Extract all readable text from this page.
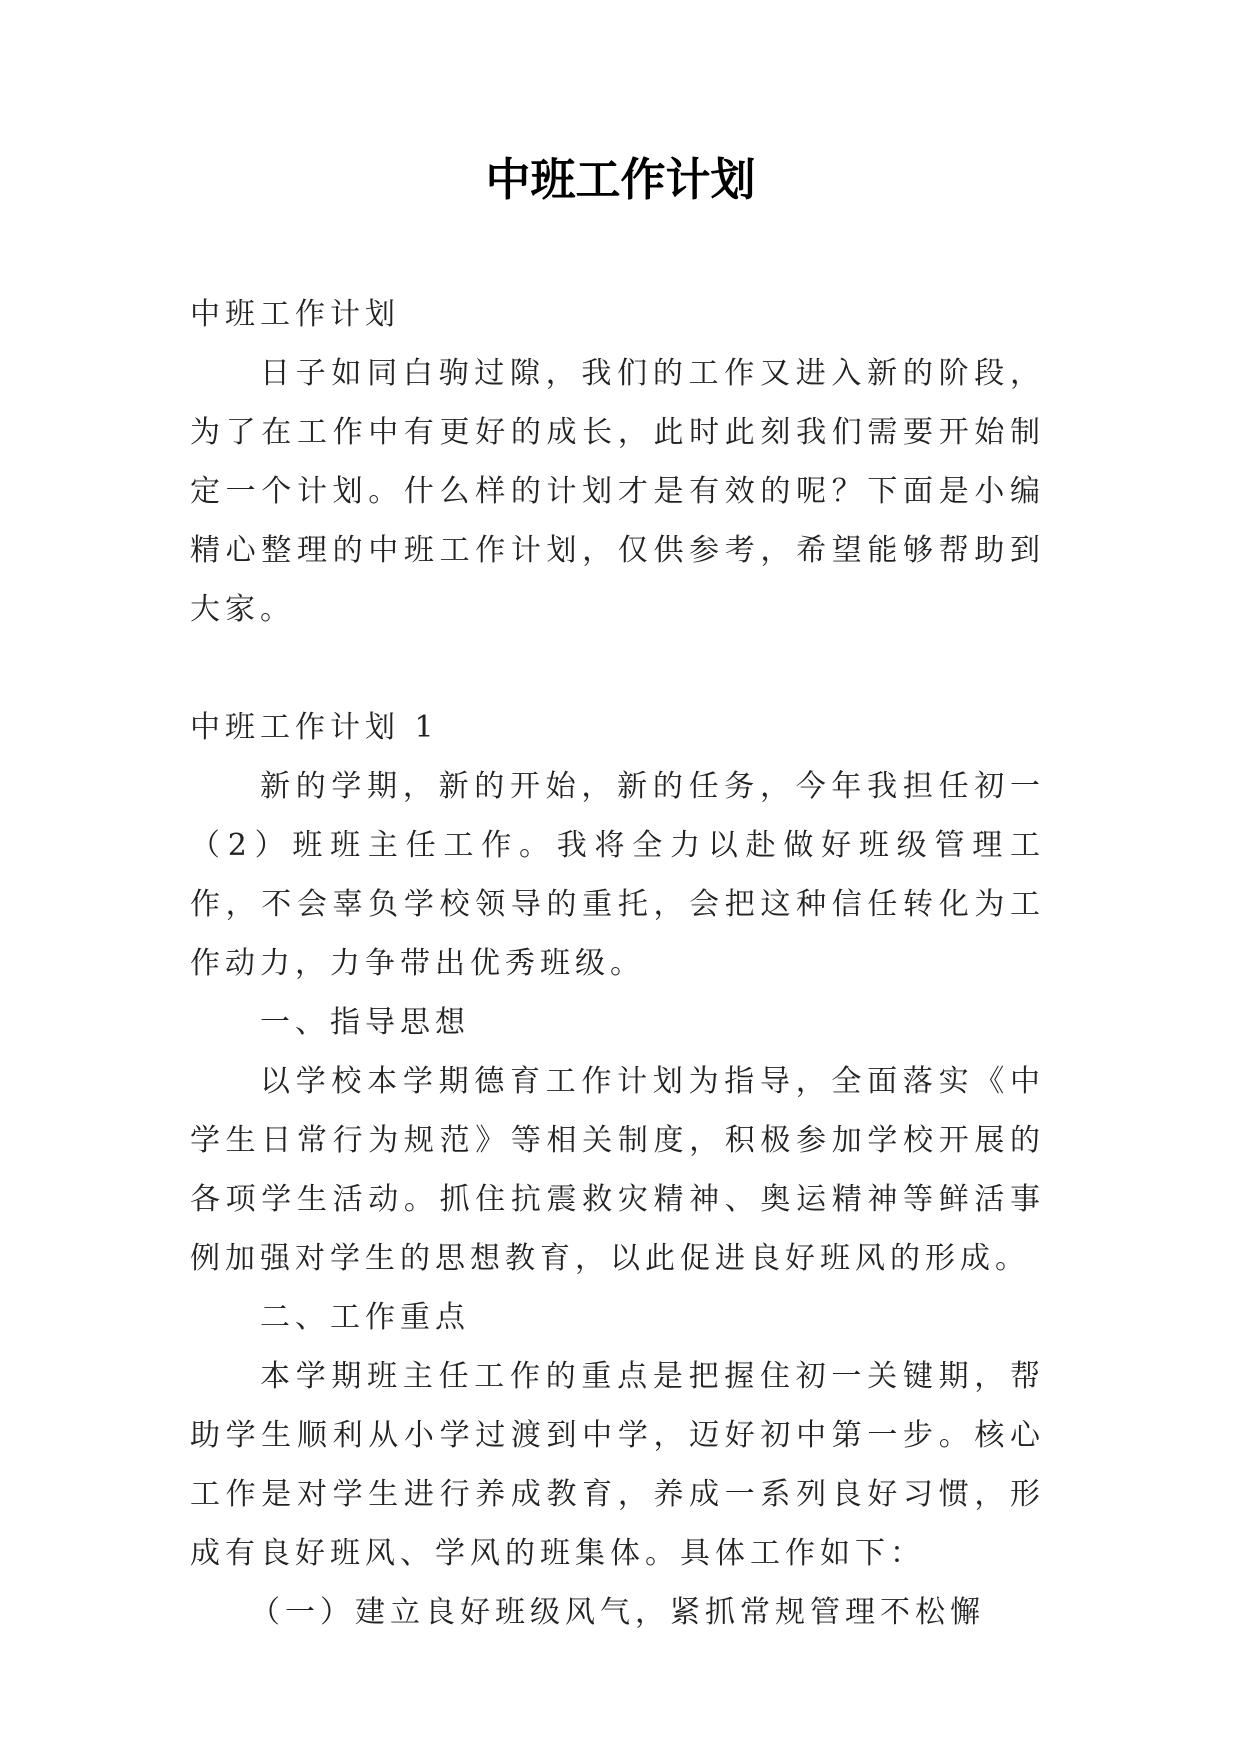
中班工作计划

中班工作计划

日子如同白驹过隙，我们的工作又进入新的阶段，为了在工作中有更好的成长，此时此刻我们需要开始制定一个计划。什么样的计划才是有效的呢？下面是小编精心整理的中班工作计划，仅供参考，希望能够帮助到大家。

中班工作计划 1

新的学期，新的开始，新的任务，今年我担任初一（2）班班主任工作。我将全力以赴做好班级管理工作，不会辜负学校领导的重托，会把这种信任转化为工作动力，力争带出优秀班级。

一、指导思想

以学校本学期德育工作计划为指导，全面落实《中学生日常行为规范》等相关制度，积极参加学校开展的各项学生活动。抓住抗震救灾精神、奥运精神等鲜活事例加强对学生的思想教育，以此促进良好班风的形成。

二、工作重点

本学期班主任工作的重点是把握住初一关键期，帮助学生顺利从小学过渡到中学，迈好初中第一步。核心工作是对学生进行养成教育，养成一系列良好习惯，形成有良好班风、学风的班集体。具体工作如下：

（一）建立良好班级风气，紧抓常规管理不松懈
